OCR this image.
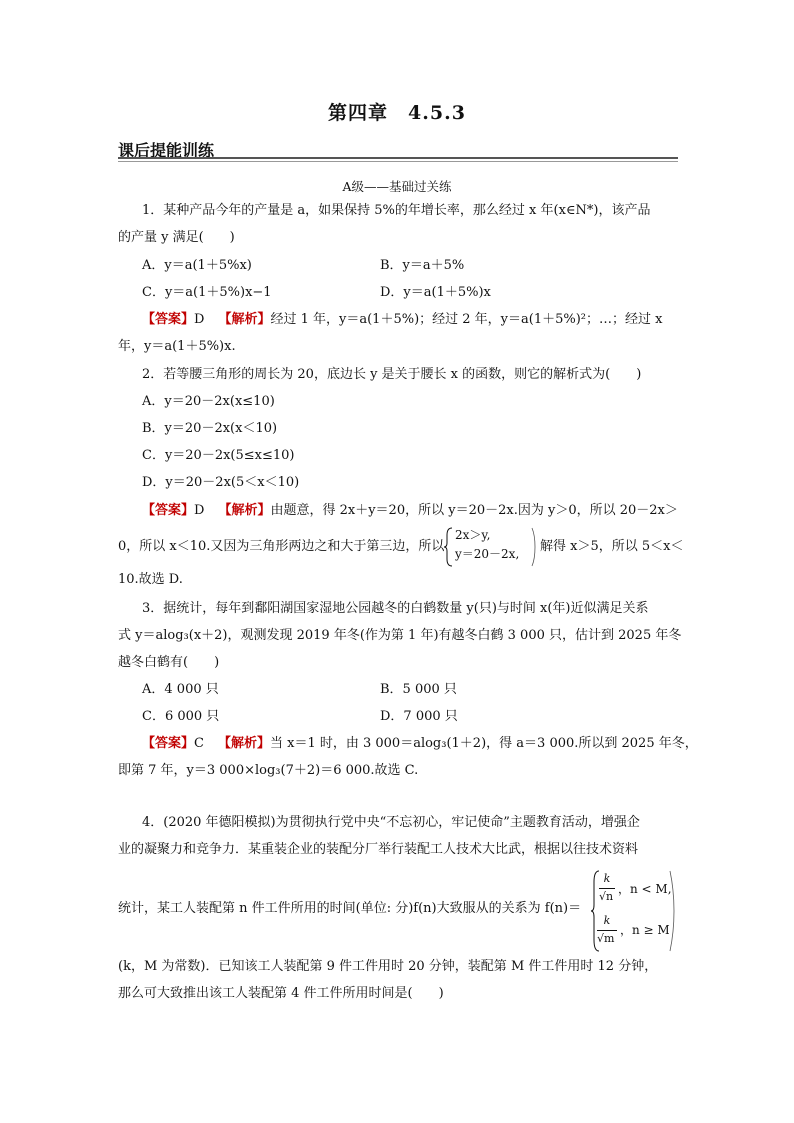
第四章　4.5.3
课后提能训练
A级——基础过关练
1．某种产品今年的产量是 a，如果保持 5%的年增长率，那么经过 x 年(x∈N*)，该产品
的产量 y 满足(　　)
A．y＝a(1＋5%x)	B．y＝a＋5%
C．y＝a(1＋5%)x−1	D．y＝a(1＋5%)x
【答案】D 【解析】经过 1 年，y＝a(1＋5%)；经过 2 年，y＝a(1＋5%)²；…；经过 x
年，y＝a(1＋5%)x.
2．若等腰三角形的周长为 20，底边长 y 是关于腰长 x 的函数，则它的解析式为(　　)
A．y＝20－2x(x≤10)
B．y＝20－2x(x＜10)
C．y＝20－2x(5≤x≤10)
D．y＝20－2x(5＜x＜10)
【答案】D 【解析】由题意，得 2x＋y＝20，所以 y＝20－2x.因为 y＞0，所以 20－2x＞
0，所以 x＜10.又因为三角形两边之和大于第三边，所以
2x＞y,
y＝20－2x, 解得 x＞5，所以 5＜x＜
10.故选 D.
3．据统计，每年到鄱阳湖国家湿地公园越冬的白鹤数量 y(只)与时间 x(年)近似满足关系
式 y＝alog₃(x＋2)，观测发现 2019 年冬(作为第 1 年)有越冬白鹤 3 000 只，估计到 2025 年冬
越冬白鹤有(　　)
A．4 000 只	B．5 000 只
C．6 000 只	D．7 000 只
【答案】C 【解析】当 x＝1 时，由 3 000＝alog₃(1＋2)，得 a＝3 000.所以到 2025 年冬，
即第 7 年，y＝3 000×log₃(7＋2)＝6 000.故选 C.
4．(2020 年德阳模拟)为贯彻执行党中央“不忘初心，牢记使命”主题教育活动，增强企
业的凝聚力和竞争力．某重装企业的装配分厂举行装配工人技术大比武，根据以往技术资料
统计，某工人装配第 n 件工件所用的时间(单位: 分)f(n)大致服从的关系为 f(n)＝
k
√n
，n < M,
k
√m
，n ≥ M
(k，M 为常数)．已知该工人装配第 9 件工件用时 20 分钟，装配第 M 件工件用时 12 分钟，
那么可大致推出该工人装配第 4 件工件所用时间是(　　)
